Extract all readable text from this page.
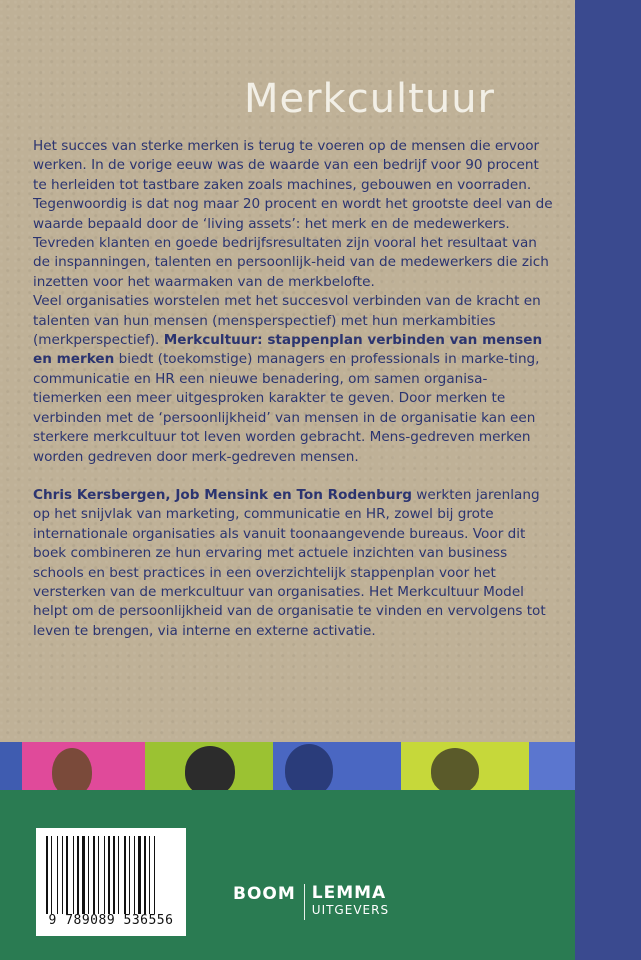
Merkcultuur

Het succes van sterke merken is terug te voeren op de mensen die ervoor werken. In de vorige eeuw was de waarde van een bedrijf voor 90 procent te herleiden tot tastbare zaken zoals machines, gebouwen en voorraden. Tegenwoordig is dat nog maar 20 procent en wordt het grootste deel van de waarde bepaald door de ‘living assets’: het merk en de medewerkers. Tevreden klanten en goede bedrijfsresultaten zijn vooral het resultaat van de inspanningen, talenten en persoonlijk-heid van de medewerkers die zich inzetten voor het waarmaken van de merkbelofte.

Veel organisaties worstelen met het succesvol verbinden van de kracht en talenten van hun mensen (mensperspectief) met hun merkambities (merkperspectief). Merkcultuur: stappenplan verbinden van mensen en merken biedt (toekomstige) managers en professionals in marke-ting, communicatie en HR een nieuwe benadering, om samen organisa-tiemerken een meer uitgesproken karakter te geven. Door merken te verbinden met de ‘persoonlijkheid’ van mensen in de organisatie kan een sterkere merkcultuur tot leven worden gebracht. Mens-gedreven merken worden gedreven door merk-gedreven mensen.

Chris Kersbergen, Job Mensink en Ton Rodenburg werkten jarenlang op het snijvlak van marketing, communicatie en HR, zowel bij grote internationale organisaties als vanuit toonaangevende bureaus. Voor dit boek combineren ze hun ervaring met actuele inzichten van business schools en best practices in een overzichtelijk stappenplan voor het versterken van de merkcultuur van organisaties. Het Merkcultuur Model helpt om de persoonlijkheid van de organisatie te vinden en vervolgens tot leven te brengen, via interne en externe activatie.

9 789089 536556
BOOM LEMMA
UITGEVERS
